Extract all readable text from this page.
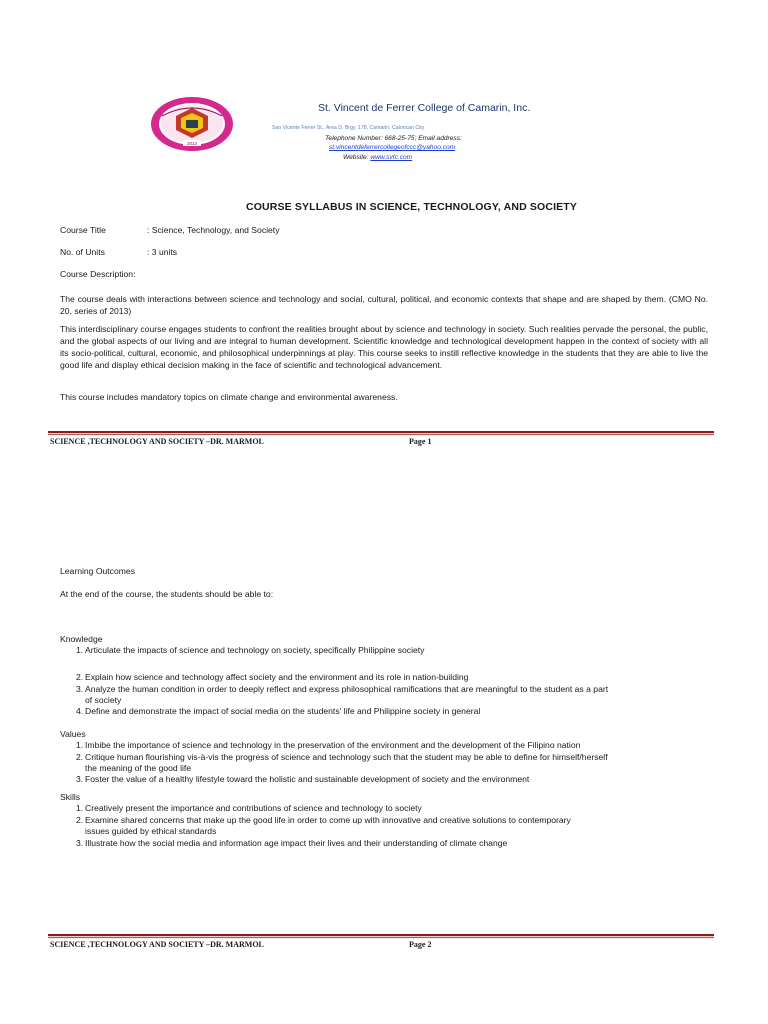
2013
St. Vincent de Ferrer College of Camarin, Inc.
San Vicente Ferrer St., Area D, Brgy. 178, Camarin, Caloocan City
Telephone Number: 668-25-75; Email address:
st.vincentdeferrercollegeofccc@yahoo.com
Website: www.svfc.com
COURSE SYLLABUS IN SCIENCE, TECHNOLOGY, AND SOCIETY
Course Title	: Science, Technology, and Society
No. of Units	: 3 units
Course Description:
The course deals with interactions between science and technology and social, cultural, political, and economic contexts that shape and are shaped by them. (CMO No. 20, series of 2013)
This interdisciplinary course engages students to confront the realities brought about by science and technology in society. Such realities pervade the personal, the public, and the global aspects of our living and are integral to human development. Scientific knowledge and technological development happen in the context of society with all its socio-political, cultural, economic, and philosophical underpinnings at play. This course seeks to instill reflective knowledge in the students that they are able to live the good life and display ethical decision making in the face of scientific and technological advancement.
This course includes mandatory topics on climate change and environmental awareness.
SCIENCE ,TECHNOLOGY AND SOCIETY –DR. MARMOL	Page 1
Learning Outcomes
At the end of the course, the students should be able to:
Knowledge
1. Articulate the impacts of science and technology on society, specifically Philippine society
2. Explain how science and technology affect society and the environment and its role in nation-building
3. Analyze the human condition in order to deeply reflect and express philosophical ramifications that are meaningful to the student as a part
of society
4. Define and demonstrate the impact of social media on the students' life and Philippine society in general
Values
1. Imbibe the importance of science and technology in the preservation of the environment and the development of the Filipino nation
2. Critique human flourishing vis-à-vis the progress of science and technology such that the student may be able to define for himself/herself
the meaning of the good life
3. Foster the value of a healthy lifestyle toward the holistic and sustainable development of society and the environment
Skills
1. Creatively present the importance and contributions of science and technology to society
2. Examine shared concerns that make up the good life in order to come up with innovative and creative solutions to contemporary
issues guided by ethical standards
3. Illustrate how the social media and information age impact their lives and their understanding of climate change
SCIENCE ,TECHNOLOGY AND SOCIETY –DR. MARMOL	Page 2
